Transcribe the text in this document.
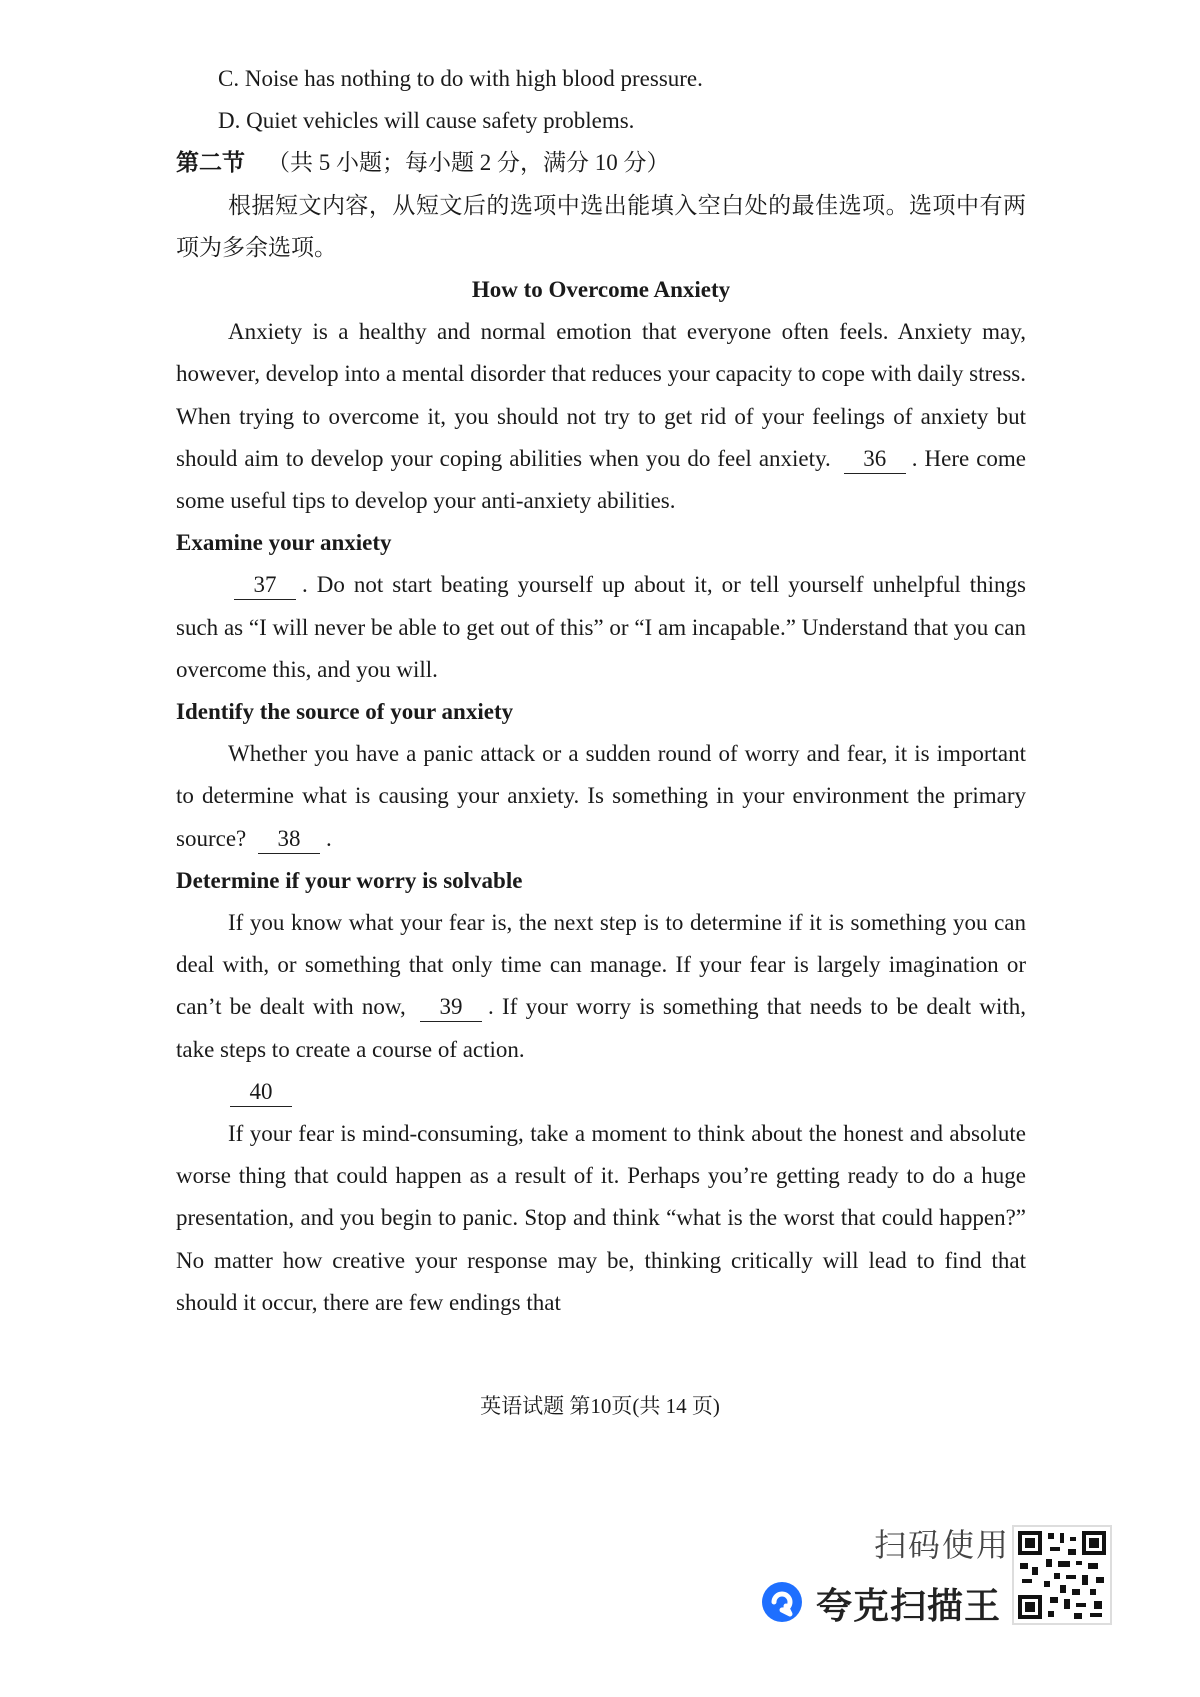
C. Noise has nothing to do with high blood pressure.
D. Quiet vehicles will cause safety problems.
第二节 （共 5 小题；每小题 2 分，满分 10 分）
根据短文内容，从短文后的选项中选出能填入空白处的最佳选项。选项中有两项为多余选项。
How to Overcome Anxiety
Anxiety is a healthy and normal emotion that everyone often feels. Anxiety may, however, develop into a mental disorder that reduces your capacity to cope with daily stress. When trying to overcome it, you should not try to get rid of your feelings of anxiety but should aim to develop your coping abilities when you do feel anxiety. 36 . Here come some useful tips to develop your anti-anxiety abilities.
Examine your anxiety
37 . Do not start beating yourself up about it, or tell yourself unhelpful things such as “I will never be able to get out of this” or “I am incapable.” Understand that you can overcome this, and you will.
Identify the source of your anxiety
Whether you have a panic attack or a sudden round of worry and fear, it is important to determine what is causing your anxiety. Is something in your environment the primary source? 38 .
Determine if your worry is solvable
If you know what your fear is, the next step is to determine if it is something you can deal with, or something that only time can manage. If your fear is largely imagination or can’t be dealt with now, 39 . If your worry is something that needs to be dealt with, take steps to create a course of action.
40
If your fear is mind-consuming, take a moment to think about the honest and absolute worse thing that could happen as a result of it. Perhaps you’re getting ready to do a huge presentation, and you begin to panic. Stop and think “what is the worst that could happen?” No matter how creative your response may be, thinking critically will lead to find that should it occur, there are few endings that
英语试题 第10页(共 14 页)
扫码使用
夸克扫描王
